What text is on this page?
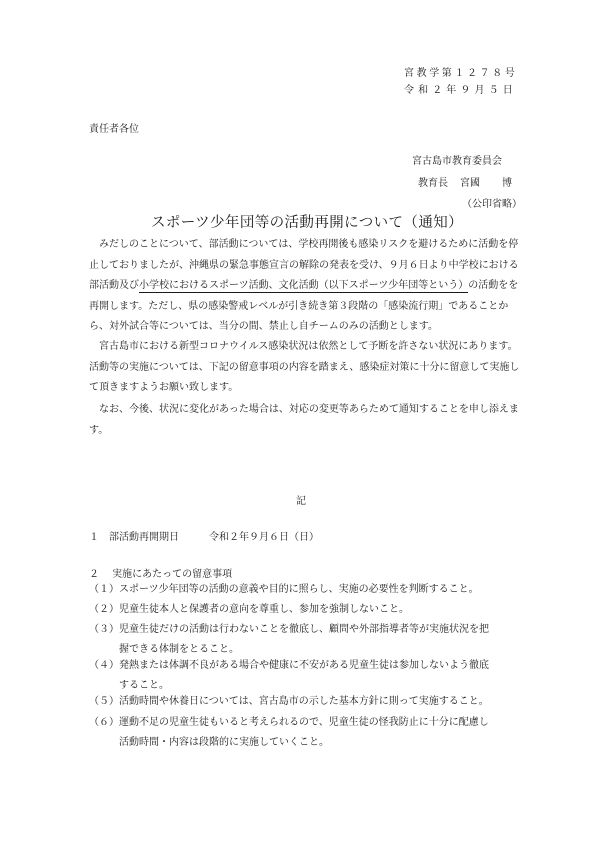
宮教学第１２７８号
令和２年９月５日
責任者各位
宮古島市教育委員会
教育長 宮國 博
（公印省略）
スポーツ少年団等の活動再開について（通知）
みだしのことについて、部活動については、学校再開後も感染リスクを避けるために活動を停止しておりましたが、沖縄県の緊急事態宣言の解除の発表を受け、９月６日より中学校における部活動及び小学校におけるスポーツ活動、文化活動（以下スポーツ少年団等という）の活動をを再開します。ただし、県の感染警戒レベルが引き続き第３段階の「感染流行期」であることから、対外試合等については、当分の間、禁止し自チームのみの活動とします。
宮古島市における新型コロナウイルス感染状況は依然として予断を許さない状況にあります。活動等の実施については、下記の留意事項の内容を踏まえ、感染症対策に十分に留意して実施して頂きますようお願い致します。
なお、今後、状況に変化があった場合は、対応の変更等あらためて通知することを申し添えます。
記
１　部活動再開期日	令和２年９月６日（日）
２　 実施にあたっての留意事項
（１）スポーツ少年団等の活動の意義や目的に照らし、実施の必要性を判断すること。
（２）児童生徒本人と保護者の意向を尊重し、参加を強制しないこと。
（３）児童生徒だけの活動は行わないことを徹底し、顧問や外部指導者等が実施状況を把
握できる体制をとること。
（４）発熱または体調不良がある場合や健康に不安がある児童生徒は参加しないよう徹底
すること。
（５）活動時間や休養日については、宮古島市の示した基本方針に則って実施すること。
（６）運動不足の児童生徒もいると考えられるので、児童生徒の怪我防止に十分に配慮し
活動時間・内容は段階的に実施していくこと。
